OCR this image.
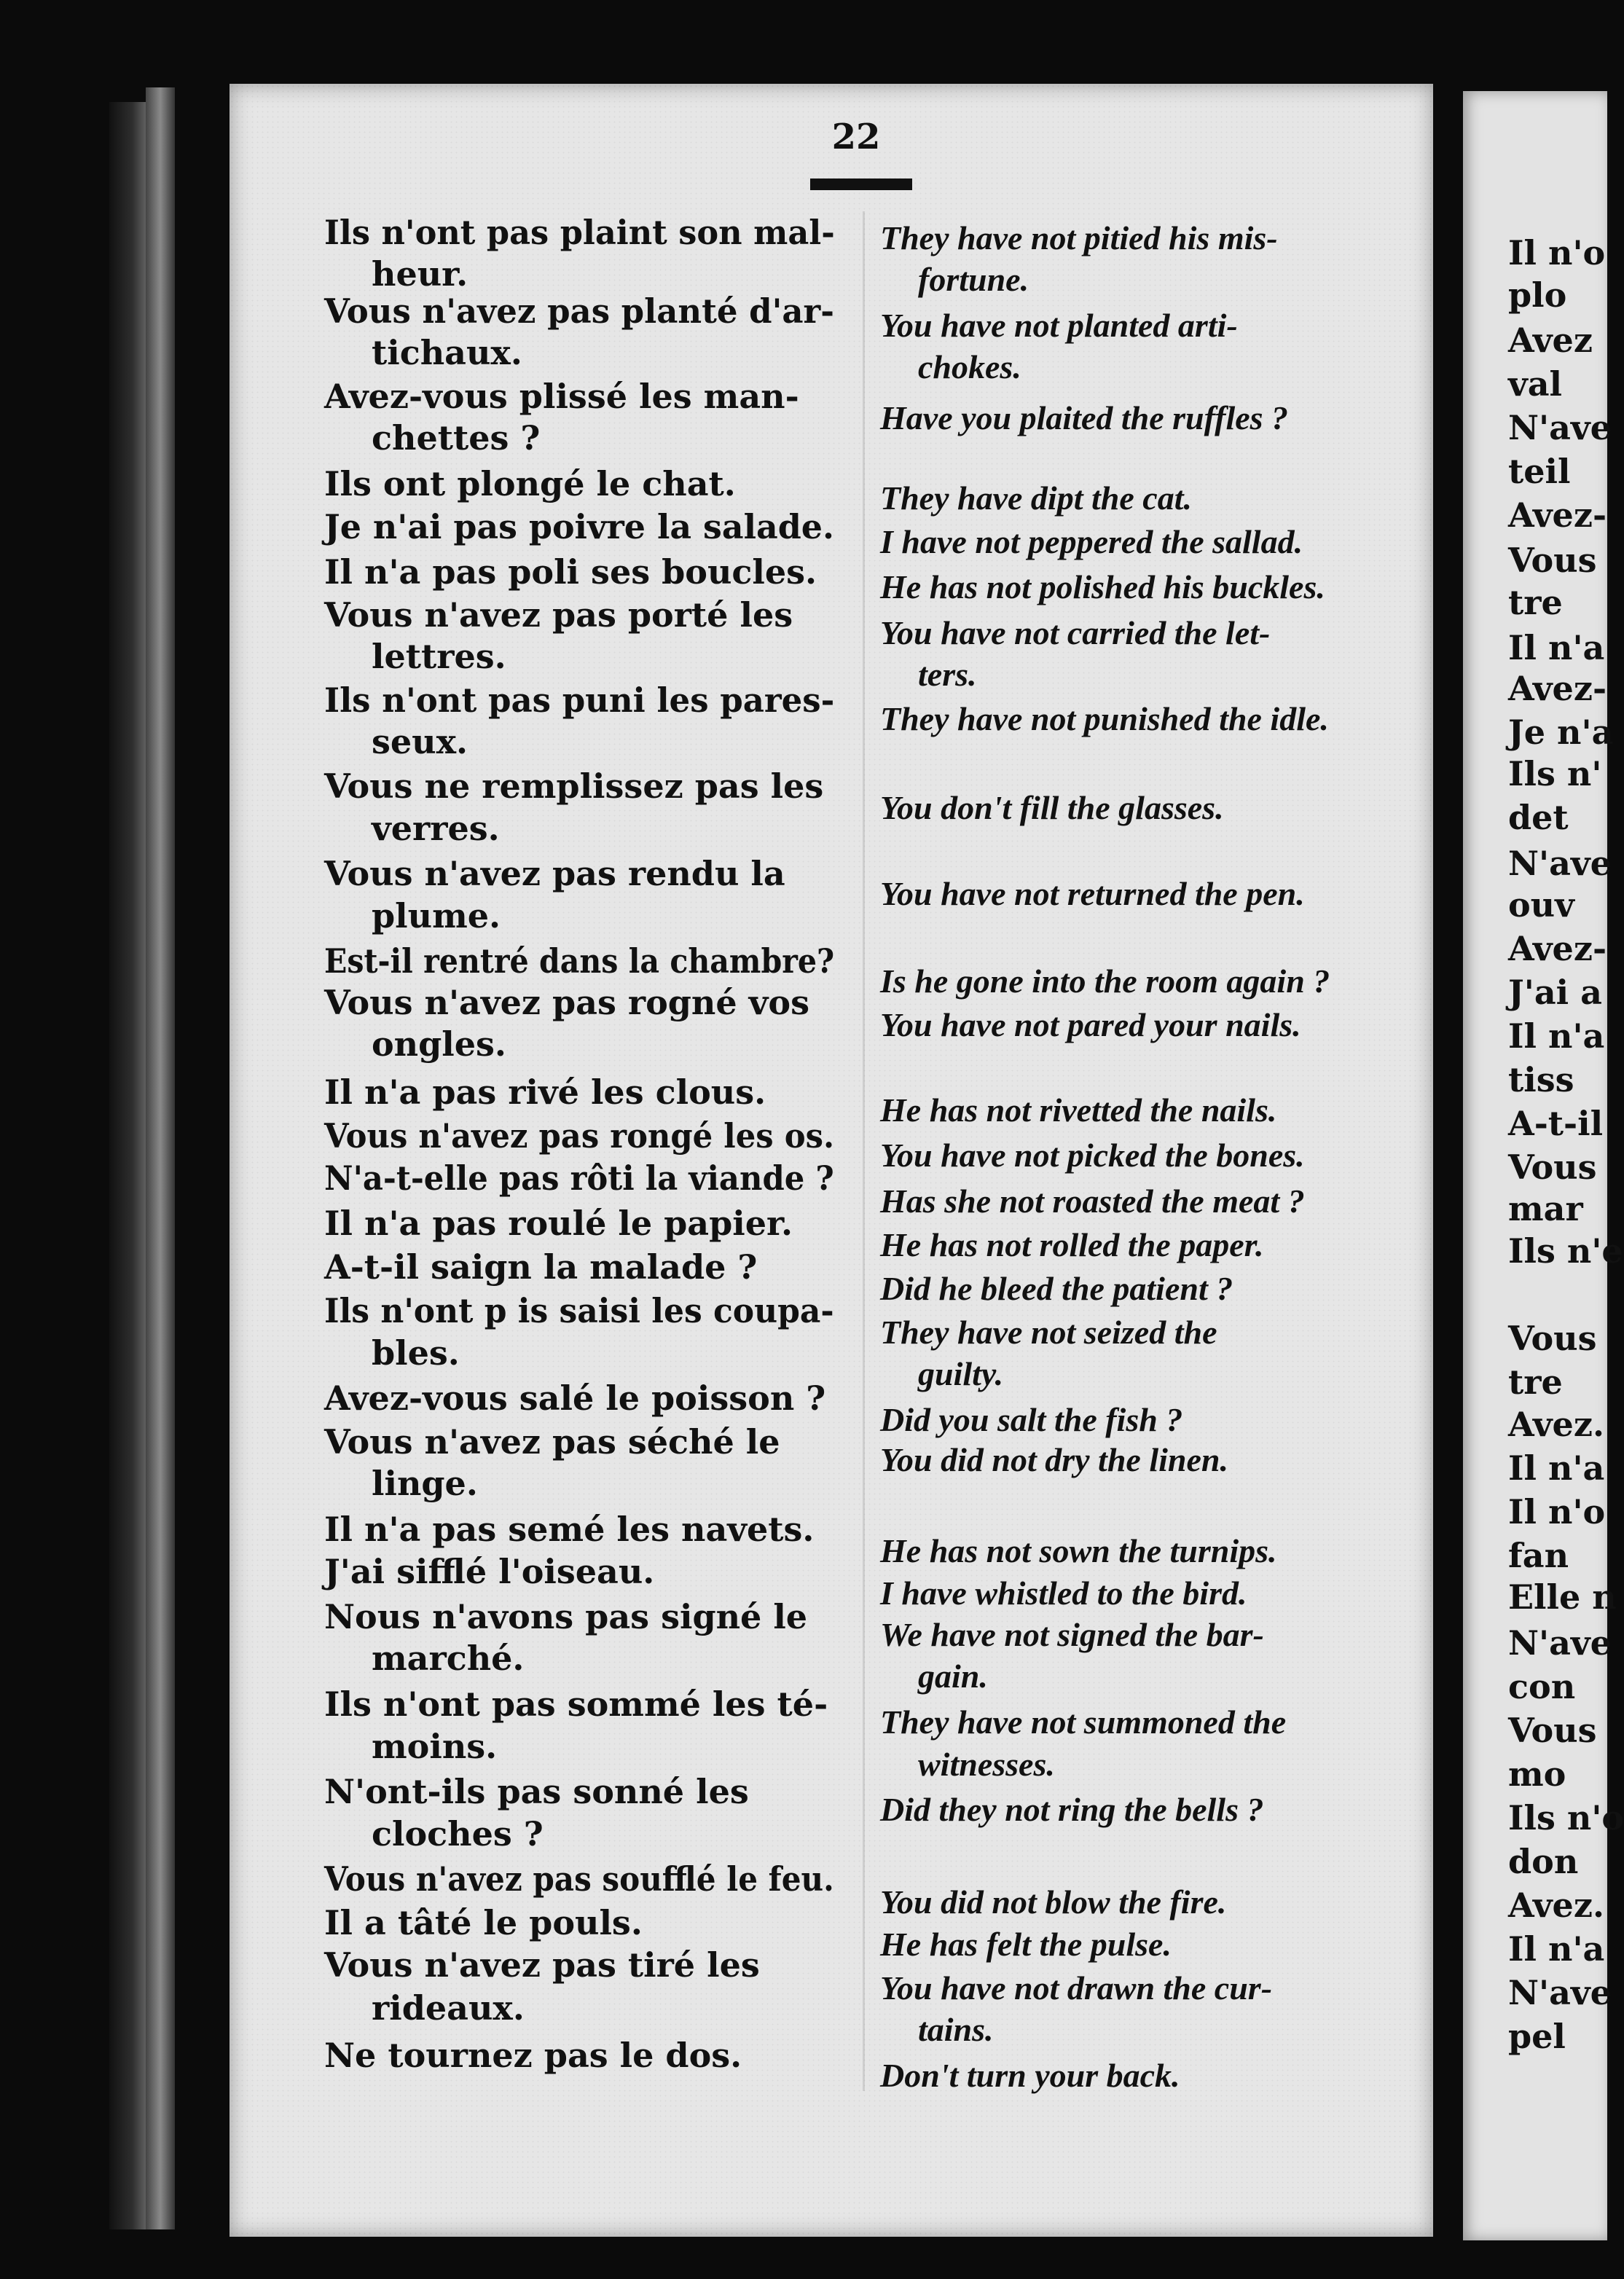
Il n'o
plo
Avez
val
N'ave
teil
Avez-
Vous
tre
Il n'a
Avez-
Je n'a
Ils n'
det
N'ave
ouv
Avez-
J'ai a
Il n'a
tiss
A-t-il
Vous
mar
Ils n'e
Vous
tre
Avez.
Il n'a
Il n'o
fan
Elle n
N'ave
con
Vous
mo
Ils n'o
don
Avez.
Il n'a
N'ave
pel
22
Ils n'ont pas plaint son mal-
heur.
Vous n'avez pas planté d'ar-
tichaux.
Avez-vous plissé les man-
chettes ?
Ils ont plongé le chat.
Je n'ai pas poivre la salade.
Il n'a pas poli ses boucles.
Vous n'avez pas porté les
lettres.
Ils n'ont pas puni les pares-
seux.
Vous ne remplissez pas les
verres.
Vous n'avez pas rendu la
plume.
Est-il rentré dans la chambre?
Vous n'avez pas rogné vos
ongles.
Il n'a pas rivé les clous.
Vous n'avez pas rongé les os.
N'a-t-elle pas rôti la viande ?
Il n'a pas roulé le papier.
A-t-il saign la malade ?
Ils n'ont p is saisi les coupa-
bles.
Avez-vous salé le poisson ?
Vous n'avez pas séché le
linge.
Il n'a pas semé les navets.
J'ai sifflé l'oiseau.
Nous n'avons pas signé le
marché.
Ils n'ont pas sommé les té-
moins.
N'ont-ils pas sonné les
cloches ?
Vous n'avez pas soufflé le feu.
Il a tâté le pouls.
Vous n'avez pas tiré les
rideaux.
Ne tournez pas le dos.
They have not pitied his mis-
fortune.
You have not planted arti-
chokes.
Have you plaited the ruffles ?
They have dipt the cat.
I have not peppered the sallad.
He has not polished his buckles.
You have not carried the let-
ters.
They have not punished the idle.
You don't fill the glasses.
You have not returned the pen.
Is he gone into the room again ?
You have not pared your nails.
He has not rivetted the nails.
You have not picked the bones.
Has she not roasted the meat ?
He has not rolled the paper.
Did he bleed the patient ?
They have not seized the
guilty.
Did you salt the fish ?
You did not dry the linen.
He has not sown the turnips.
I have whistled to the bird.
We have not signed the bar-
gain.
They have not summoned the
witnesses.
Did they not ring the bells ?
You did not blow the fire.
He has felt the pulse.
You have not drawn the cur-
tains.
Don't turn your back.
